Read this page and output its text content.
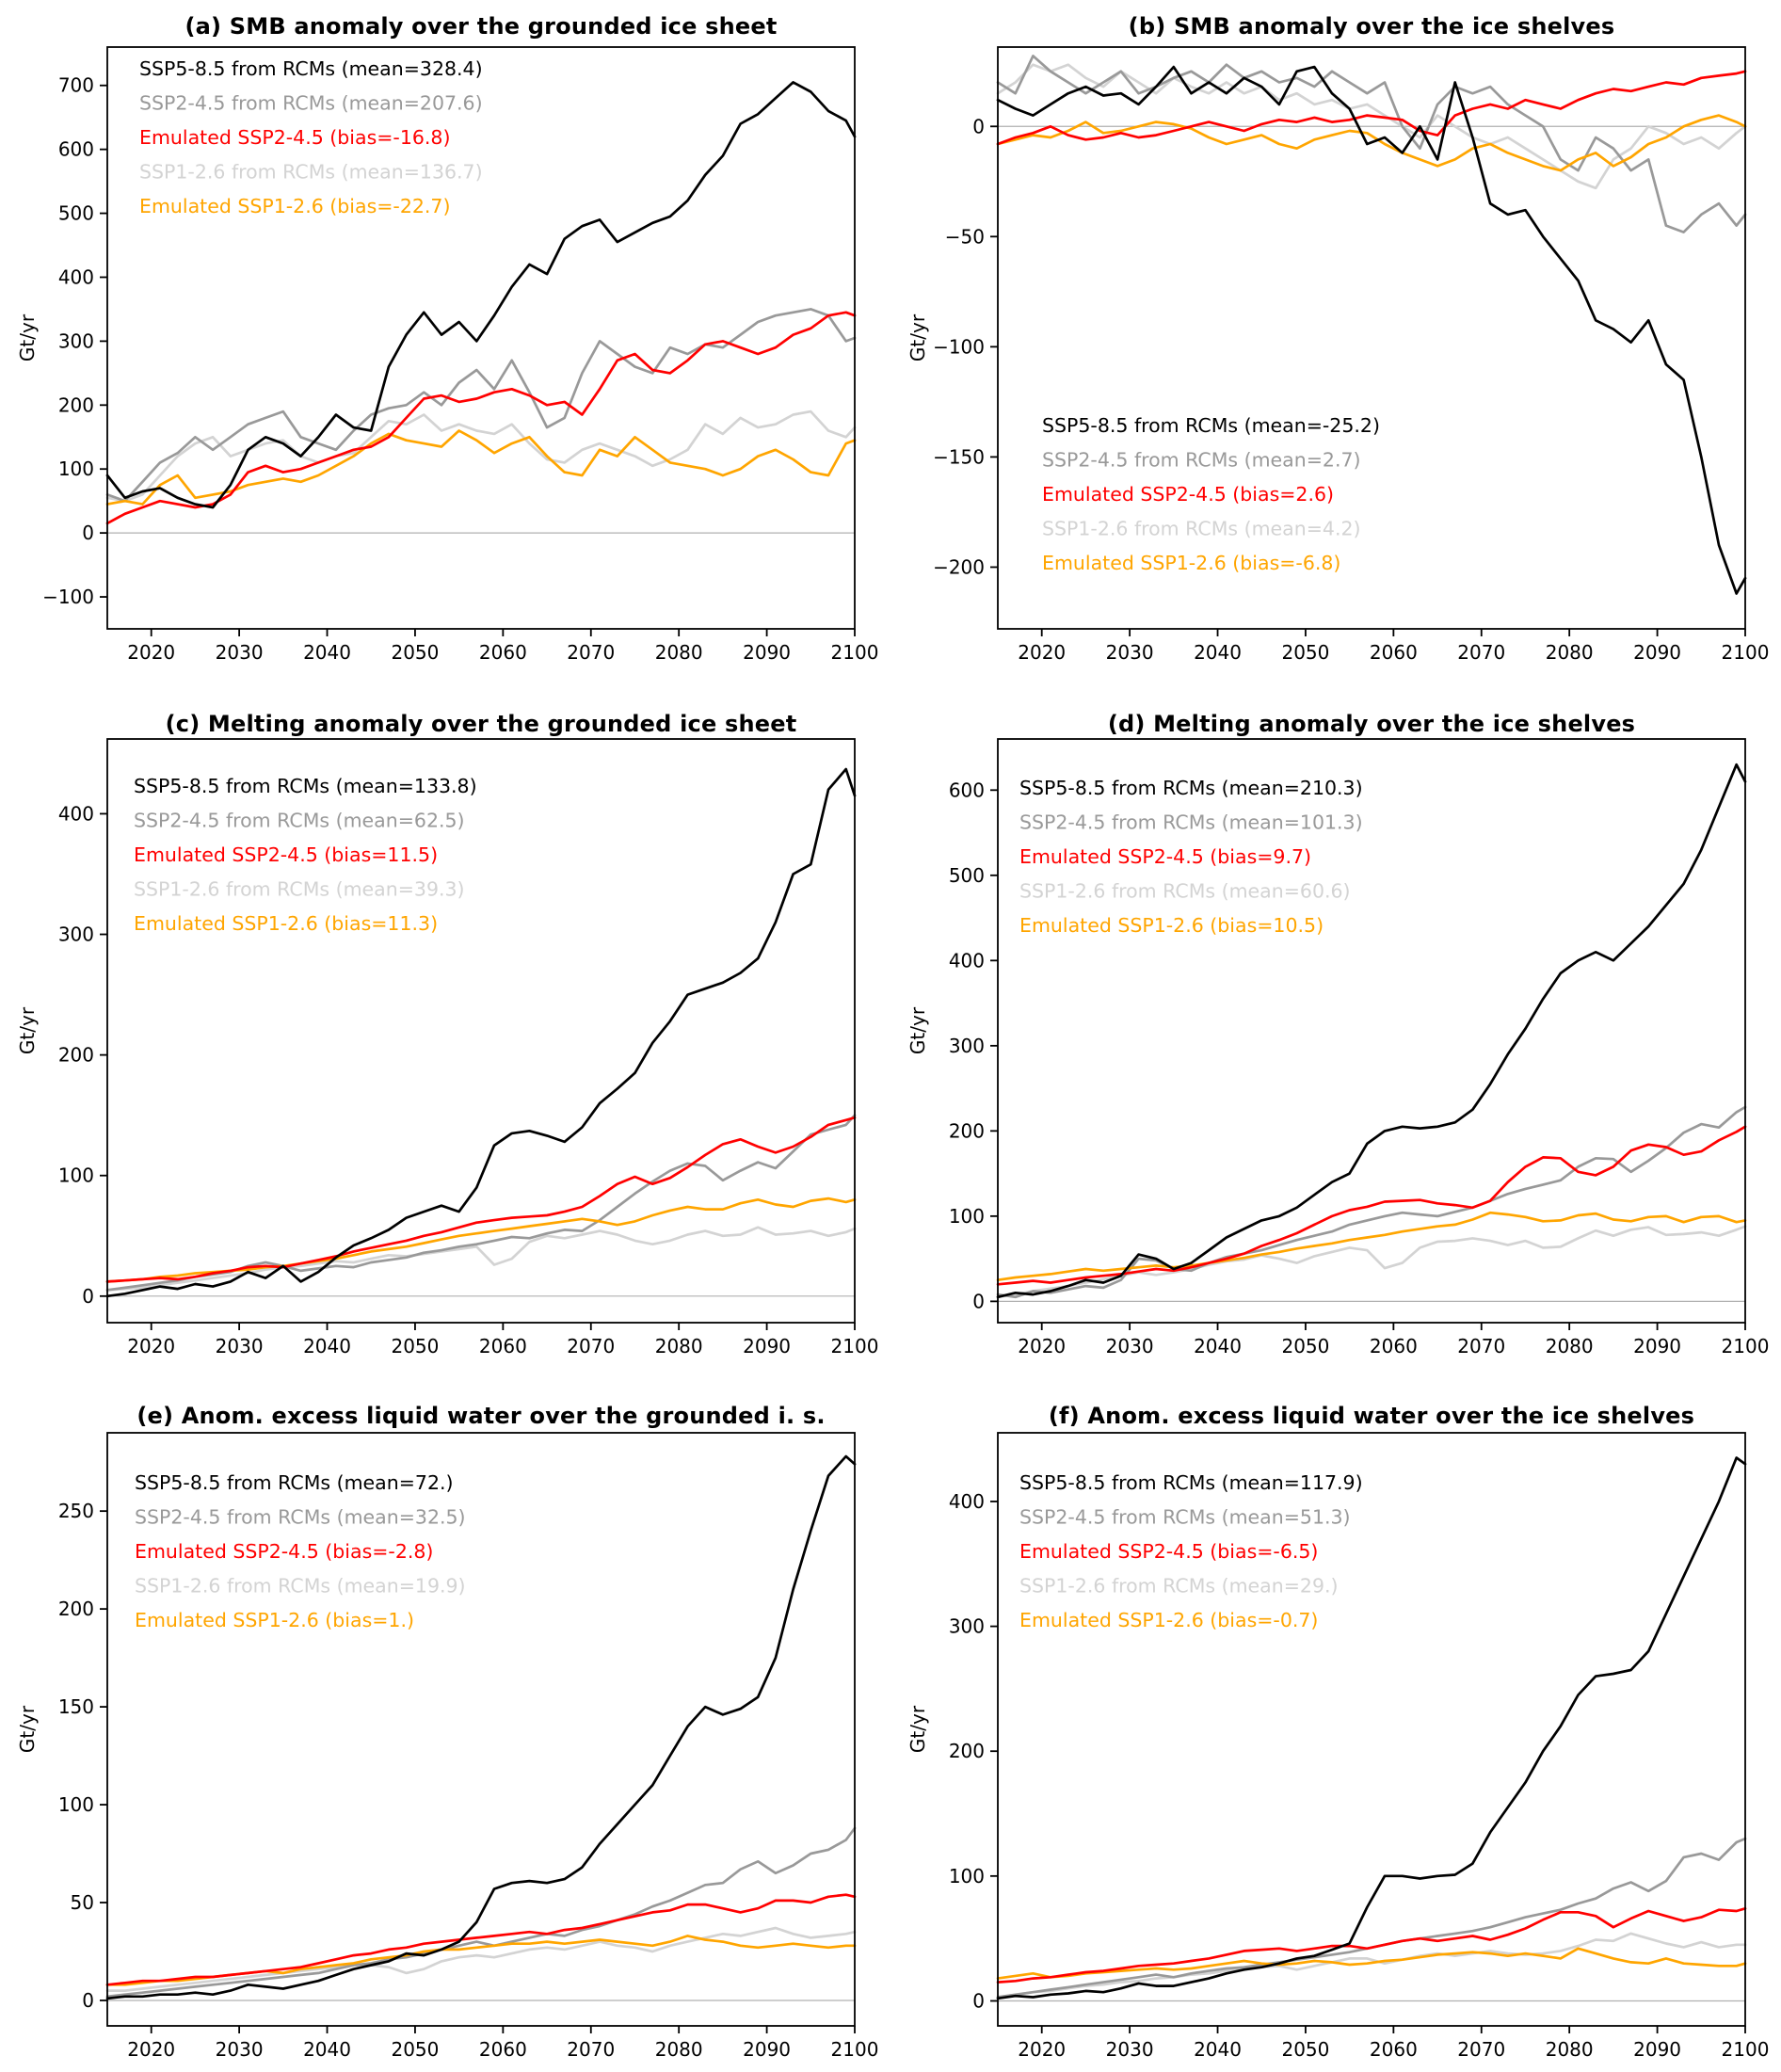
(a) SMB anomaly over the grounded ice sheet
−100
0
100
200
300
400
500
600
700
2020 2030 2040 2050 2060 2070 2080 2090 2100
Gt/yr
SSP5-8.5 from RCMs (mean=328.4)
SSP2-4.5 from RCMs (mean=207.6)
Emulated SSP2-4.5 (bias=-16.8)
SSP1-2.6 from RCMs (mean=136.7)
Emulated SSP1-2.6 (bias=-22.7)
(b) SMB anomaly over the ice shelves
−200
−150
−100
−50
0
2020 2030 2040 2050 2060 2070 2080 2090 2100
Gt/yr
SSP5-8.5 from RCMs (mean=-25.2)
SSP2-4.5 from RCMs (mean=2.7)
Emulated SSP2-4.5 (bias=2.6)
SSP1-2.6 from RCMs (mean=4.2)
Emulated SSP1-2.6 (bias=-6.8)
(c) Melting anomaly over the grounded ice sheet
0
100
200
300
400
2020 2030 2040 2050 2060 2070 2080 2090 2100
Gt/yr
SSP5-8.5 from RCMs (mean=133.8)
SSP2-4.5 from RCMs (mean=62.5)
Emulated SSP2-4.5 (bias=11.5)
SSP1-2.6 from RCMs (mean=39.3)
Emulated SSP1-2.6 (bias=11.3)
(d) Melting anomaly over the ice shelves
0
100
200
300
400
500
600
2020 2030 2040 2050 2060 2070 2080 2090 2100
Gt/yr
SSP5-8.5 from RCMs (mean=210.3)
SSP2-4.5 from RCMs (mean=101.3)
Emulated SSP2-4.5 (bias=9.7)
SSP1-2.6 from RCMs (mean=60.6)
Emulated SSP1-2.6 (bias=10.5)
(e) Anom. excess liquid water over the grounded i. s.
0
50
100
150
200
250
2020 2030 2040 2050 2060 2070 2080 2090 2100
Gt/yr
SSP5-8.5 from RCMs (mean=72.)
SSP2-4.5 from RCMs (mean=32.5)
Emulated SSP2-4.5 (bias=-2.8)
SSP1-2.6 from RCMs (mean=19.9)
Emulated SSP1-2.6 (bias=1.)
(f) Anom. excess liquid water over the ice shelves
0
100
200
300
400
2020 2030 2040 2050 2060 2070 2080 2090 2100
Gt/yr
SSP5-8.5 from RCMs (mean=117.9)
SSP2-4.5 from RCMs (mean=51.3)
Emulated SSP2-4.5 (bias=-6.5)
SSP1-2.6 from RCMs (mean=29.)
Emulated SSP1-2.6 (bias=-0.7)
